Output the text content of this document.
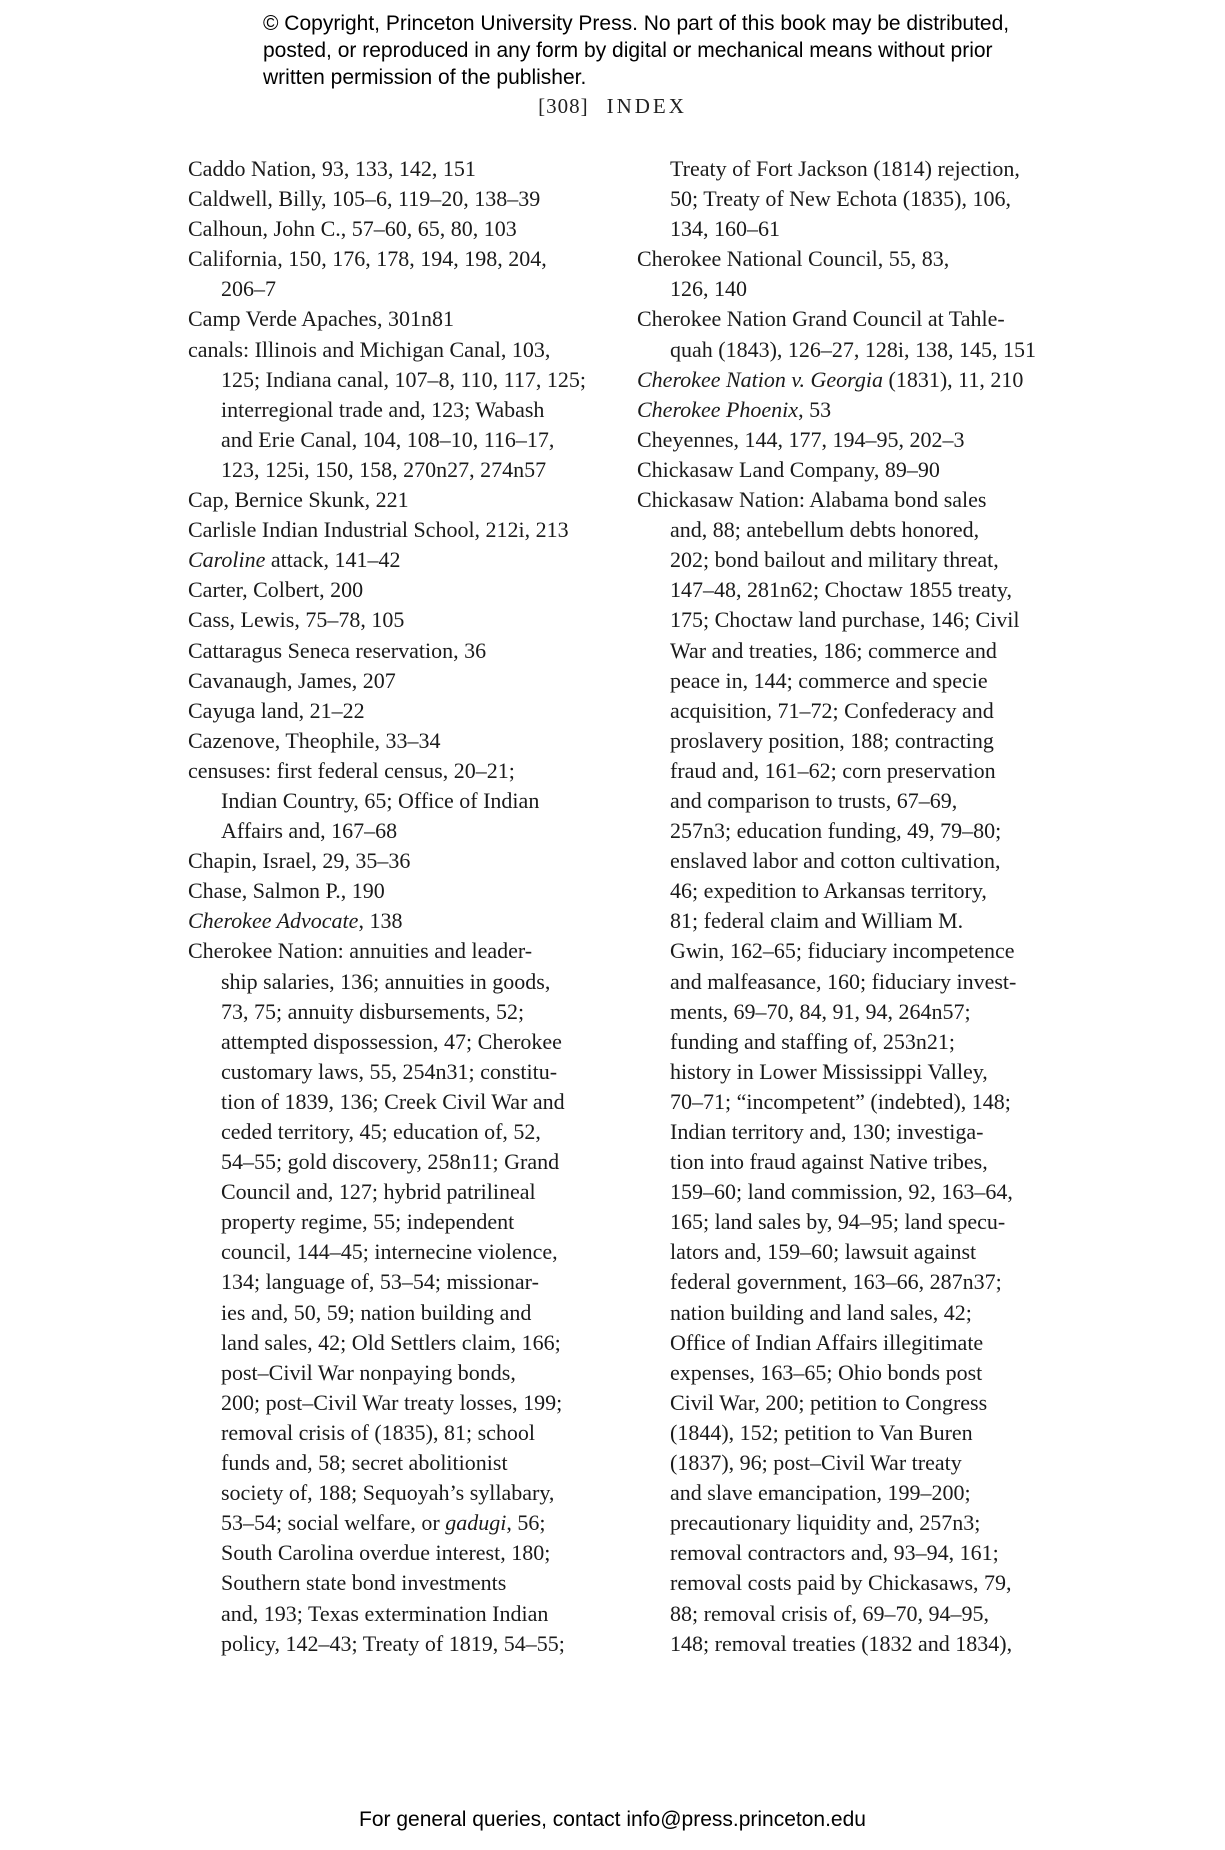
© Copyright, Princeton University Press. No part of this book may be distributed, posted, or reproduced in any form by digital or mechanical means without prior written permission of the publisher.
[308] INDEX
Caddo Nation, 93, 133, 142, 151
Caldwell, Billy, 105–6, 119–20, 138–39
Calhoun, John C., 57–60, 65, 80, 103
California, 150, 176, 178, 194, 198, 204,
206–7
Camp Verde Apaches, 301n81
canals: Illinois and Michigan Canal, 103,
125; Indiana canal, 107–8, 110, 117, 125;
interregional trade and, 123; Wabash
and Erie Canal, 104, 108–10, 116–17,
123, 125i, 150, 158, 270n27, 274n57
Cap, Bernice Skunk, 221
Carlisle Indian Industrial School, 212i, 213
Caroline attack, 141–42
Carter, Colbert, 200
Cass, Lewis, 75–78, 105
Cattaragus Seneca reservation, 36
Cavanaugh, James, 207
Cayuga land, 21–22
Cazenove, Theophile, 33–34
censuses: first federal census, 20–21;
Indian Country, 65; Office of Indian
Affairs and, 167–68
Chapin, Israel, 29, 35–36
Chase, Salmon P., 190
Cherokee Advocate, 138
Cherokee Nation: annuities and leader-
ship salaries, 136; annuities in goods,
73, 75; annuity disbursements, 52;
attempted dispossession, 47; Cherokee
customary laws, 55, 254n31; constitu-
tion of 1839, 136; Creek Civil War and
ceded territory, 45; education of, 52,
54–55; gold discovery, 258n11; Grand
Council and, 127; hybrid patrilineal
property regime, 55; independent
council, 144–45; internecine violence,
134; language of, 53–54; missionar-
ies and, 50, 59; nation building and
land sales, 42; Old Settlers claim, 166;
post–Civil War nonpaying bonds,
200; post–Civil War treaty losses, 199;
removal crisis of (1835), 81; school
funds and, 58; secret abolitionist
society of, 188; Sequoyah’s syllabary,
53–54; social welfare, or gadugi, 56;
South Carolina overdue interest, 180;
Southern state bond investments
and, 193; Texas extermination Indian
policy, 142–43; Treaty of 1819, 54–55;
Treaty of Fort Jackson (1814) rejection,
50; Treaty of New Echota (1835), 106,
134, 160–61
Cherokee National Council, 55, 83,
126, 140
Cherokee Nation Grand Council at Tahle-
quah (1843), 126–27, 128i, 138, 145, 151
Cherokee Nation v. Georgia (1831), 11, 210
Cherokee Phoenix, 53
Cheyennes, 144, 177, 194–95, 202–3
Chickasaw Land Company, 89–90
Chickasaw Nation: Alabama bond sales
and, 88; antebellum debts honored,
202; bond bailout and military threat,
147–48, 281n62; Choctaw 1855 treaty,
175; Choctaw land purchase, 146; Civil
War and treaties, 186; commerce and
peace in, 144; commerce and specie
acquisition, 71–72; Confederacy and
proslavery position, 188; contracting
fraud and, 161–62; corn preservation
and comparison to trusts, 67–69,
257n3; education funding, 49, 79–80;
enslaved labor and cotton cultivation,
46; expedition to Arkansas territory,
81; federal claim and William M.
Gwin, 162–65; fiduciary incompetence
and malfeasance, 160; fiduciary invest-
ments, 69–70, 84, 91, 94, 264n57;
funding and staffing of, 253n21;
history in Lower Mississippi Valley,
70–71; “incompetent” (indebted), 148;
Indian territory and, 130; investiga-
tion into fraud against Native tribes,
159–60; land commission, 92, 163–64,
165; land sales by, 94–95; land specu-
lators and, 159–60; lawsuit against
federal government, 163–66, 287n37;
nation building and land sales, 42;
Office of Indian Affairs illegitimate
expenses, 163–65; Ohio bonds post
Civil War, 200; petition to Congress
(1844), 152; petition to Van Buren
(1837), 96; post–Civil War treaty
and slave emancipation, 199–200;
precautionary liquidity and, 257n3;
removal contractors and, 93–94, 161;
removal costs paid by Chickasaws, 79,
88; removal crisis of, 69–70, 94–95,
148; removal treaties (1832 and 1834),
For general queries, contact info@press.princeton.edu
